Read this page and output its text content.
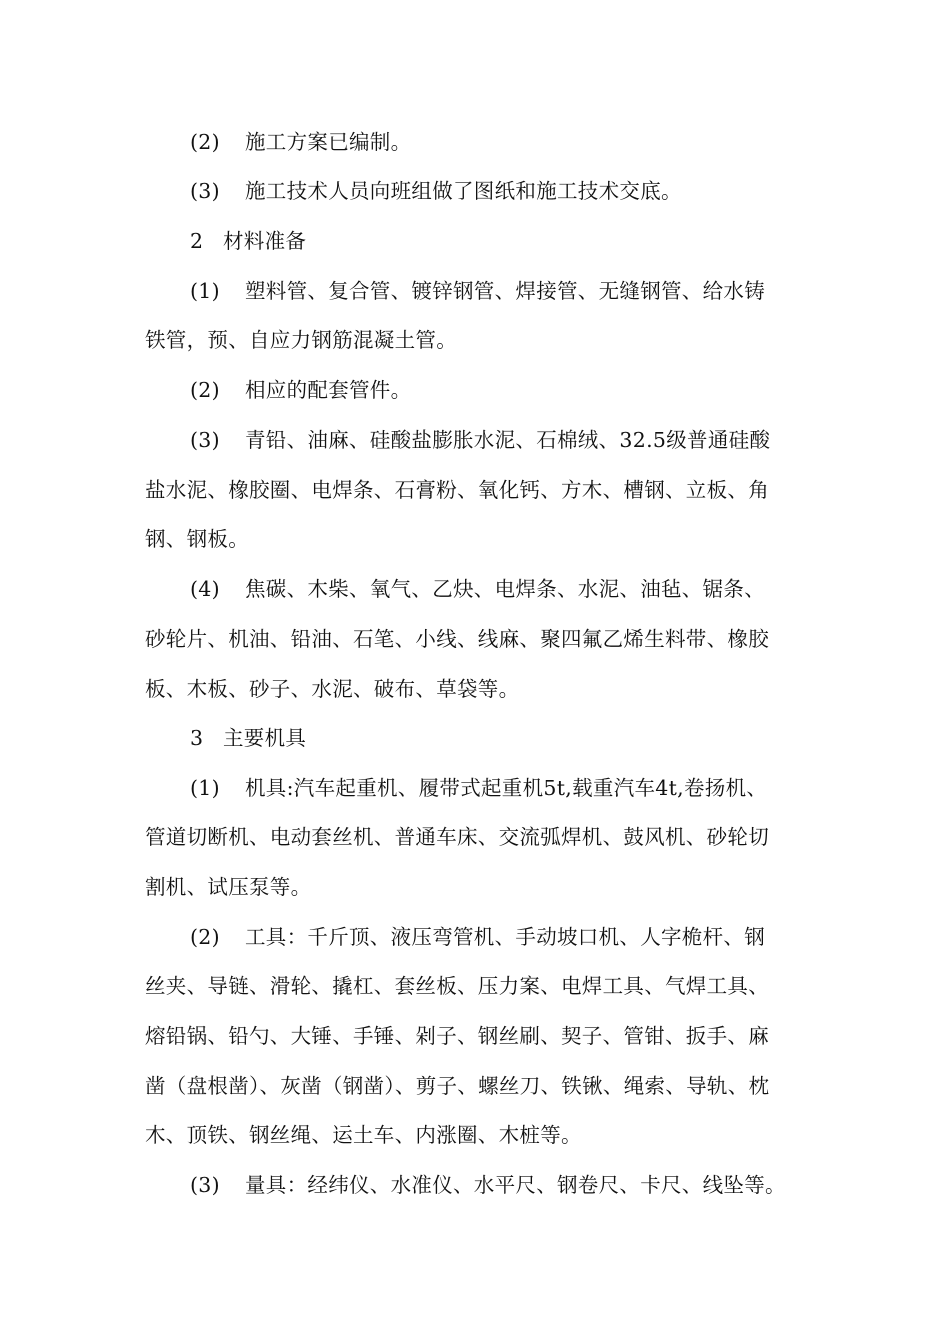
(2) 施工方案已编制。
(3) 施工技术人员向班组做了图纸和施工技术交底。
2 材料准备
(1) 塑料管、复合管、镀锌钢管、焊接管、无缝钢管、给水铸
铁管，预、自应力钢筋混凝土管。
(2) 相应的配套管件。
(3) 青铅、油麻、硅酸盐膨胀水泥、石棉绒、32.5级普通硅酸
盐水泥、橡胶圈、电焊条、石膏粉、氧化钙、方木、槽钢、立板、角
钢、钢板。
(4) 焦碳、木柴、氧气、乙炔、电焊条、水泥、油毡、锯条、
砂轮片、机油、铅油、石笔、小线、线麻、聚四氟乙烯生料带、橡胶
板、木板、砂子、水泥、破布、草袋等。
3 主要机具
(1) 机具:汽车起重机、履带式起重机5t,载重汽车4t,卷扬机、
管道切断机、电动套丝机、普通车床、交流弧焊机、鼓风机、砂轮切
割机、试压泵等。
(2) 工具：千斤顶、液压弯管机、手动坡口机、人字桅杆、钢
丝夹、导链、滑轮、撬杠、套丝板、压力案、电焊工具、气焊工具、
熔铅锅、铅勺、大锤、手锤、剁子、钢丝刷、契子、管钳、扳手、麻
凿（盘根凿）、灰凿（钢凿）、剪子、螺丝刀、铁锹、绳索、导轨、枕
木、顶铁、钢丝绳、运土车、内涨圈、木桩等。
(3) 量具：经纬仪、水准仪、水平尺、钢卷尺、卡尺、线坠等。
